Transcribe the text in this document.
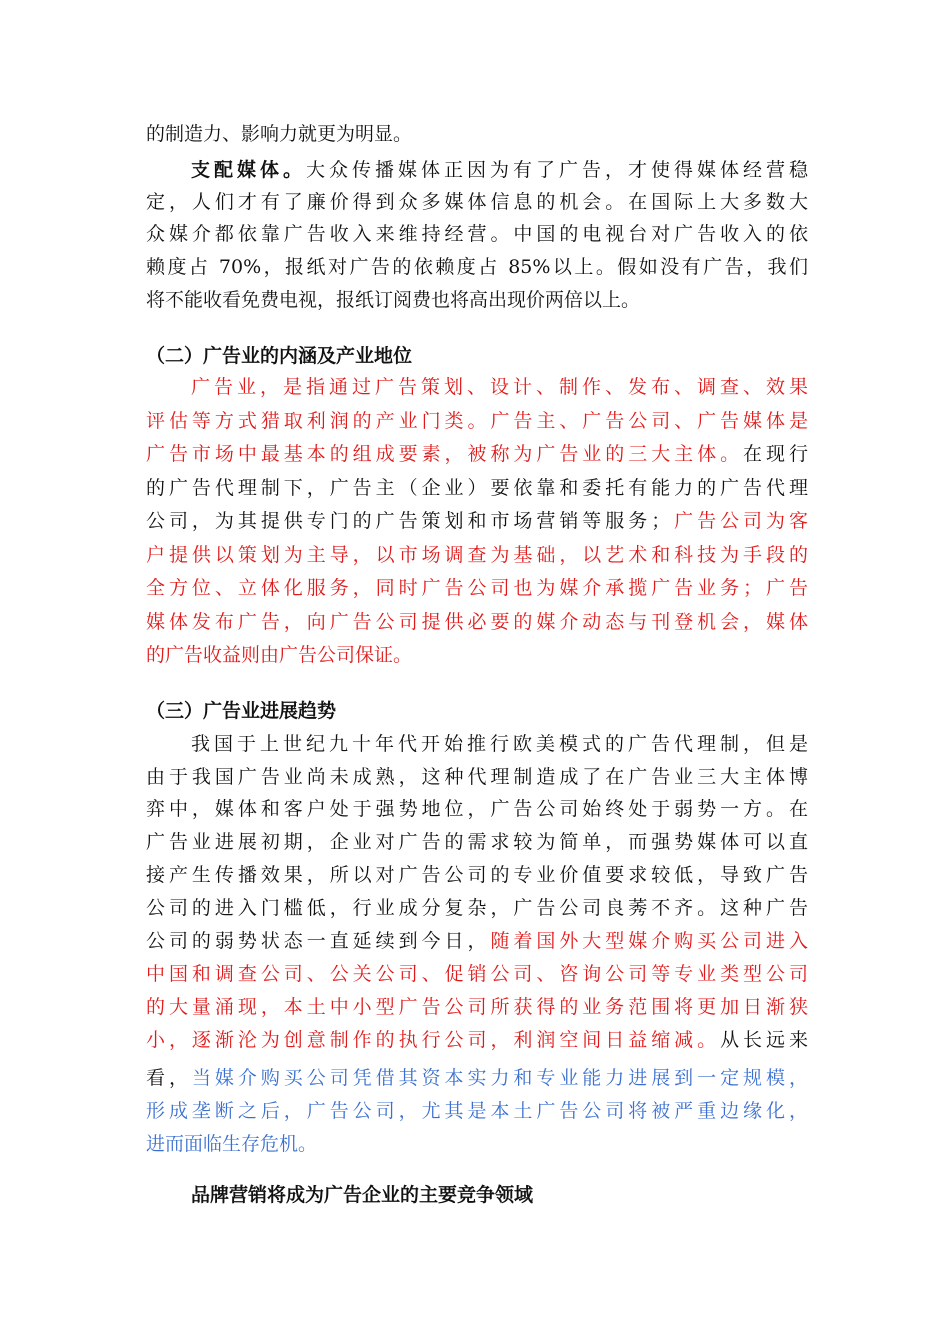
的制造力、影响力就更为明显。
支配媒体。大众传播媒体正因为有了广告，才使得媒体经营稳
定，人们才有了廉价得到众多媒体信息的机会。在国际上大多数大
众媒介都依靠广告收入来维持经营。中国的电视台对广告收入的依
赖度占 70%，报纸对广告的依赖度占 85%以上。假如没有广告，我们
将不能收看免费电视，报纸订阅费也将高出现价两倍以上。
（二）广告业的内涵及产业地位
广告业，是指通过广告策划、设计、制作、发布、调查、效果
评估等方式猎取利润的产业门类。广告主、广告公司、广告媒体是
广告市场中最基本的组成要素，被称为广告业的三大主体。在现行
的广告代理制下，广告主（企业）要依靠和委托有能力的广告代理
公司，为其提供专门的广告策划和市场营销等服务；广告公司为客
户提供以策划为主导，以市场调查为基础，以艺术和科技为手段的
全方位、立体化服务，同时广告公司也为媒介承揽广告业务；广告
媒体发布广告，向广告公司提供必要的媒介动态与刊登机会，媒体
的广告收益则由广告公司保证。
（三）广告业进展趋势
我国于上世纪九十年代开始推行欧美模式的广告代理制，但是
由于我国广告业尚未成熟，这种代理制造成了在广告业三大主体博
弈中，媒体和客户处于强势地位，广告公司始终处于弱势一方。在
广告业进展初期，企业对广告的需求较为简单，而强势媒体可以直
接产生传播效果，所以对广告公司的专业价值要求较低，导致广告
公司的进入门槛低，行业成分复杂，广告公司良莠不齐。这种广告
公司的弱势状态一直延续到今日，随着国外大型媒介购买公司进入
中国和调查公司、公关公司、促销公司、咨询公司等专业类型公司
的大量涌现，本土中小型广告公司所获得的业务范围将更加日渐狭
小，逐渐沦为创意制作的执行公司，利润空间日益缩减。从长远来
看，当媒介购买公司凭借其资本实力和专业能力进展到一定规模，
形成垄断之后，广告公司，尤其是本土广告公司将被严重边缘化，
进而面临生存危机。
品牌营销将成为广告企业的主要竞争领域
